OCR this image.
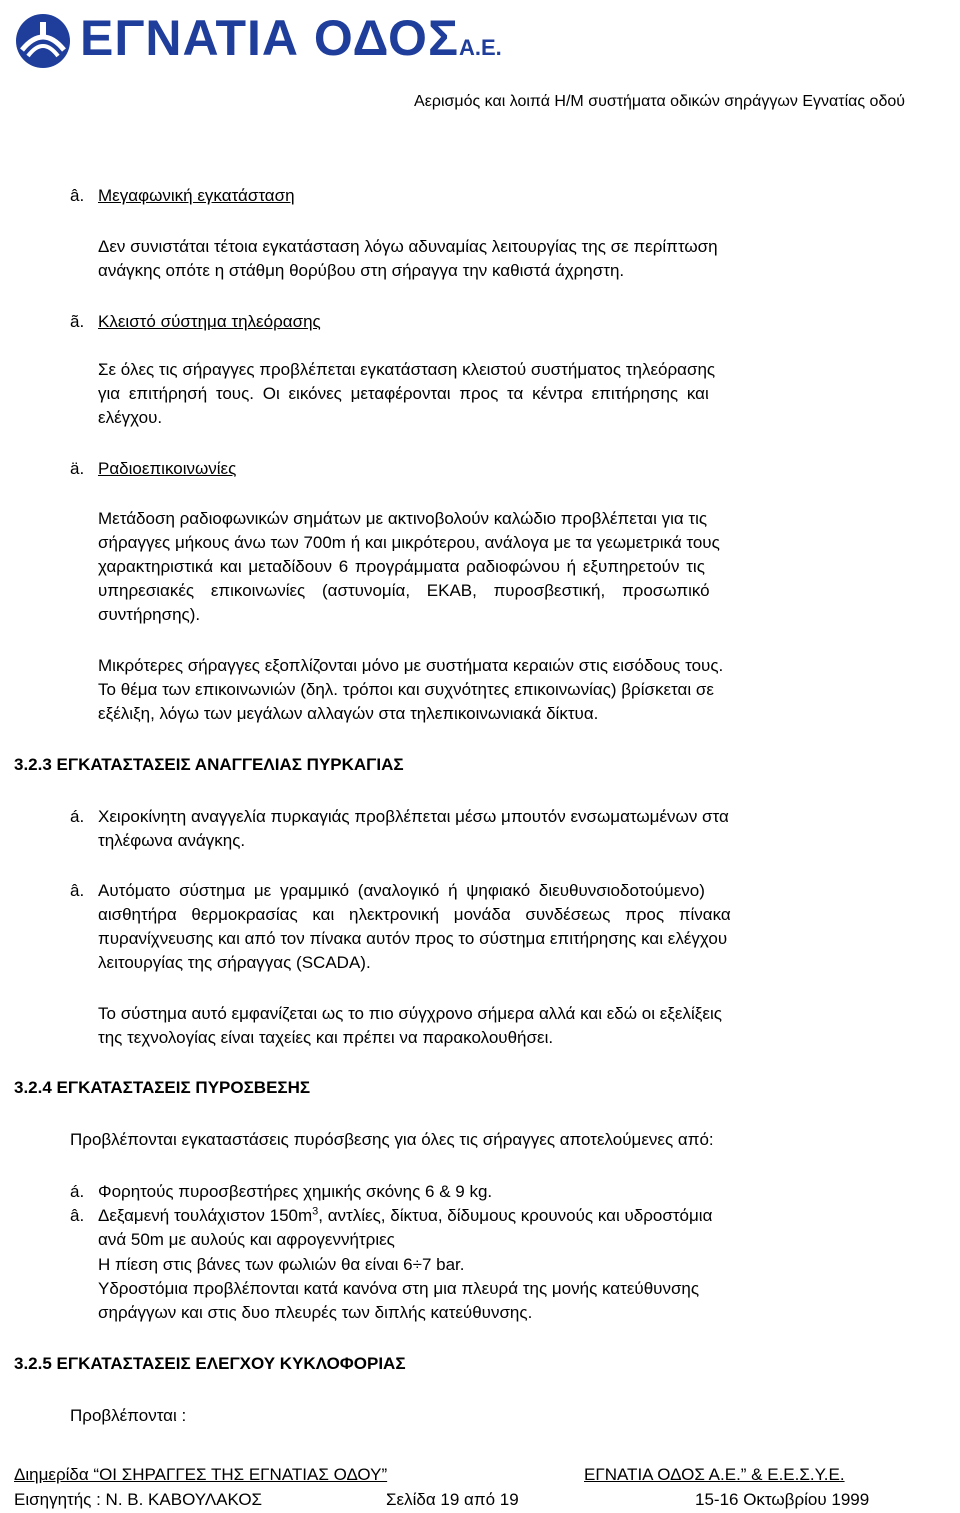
ΕΓΝΑΤΙΑ ΟΔΟΣΑ.Ε.
Αερισμός και λοιπά Η/Μ συστήματα οδικών σηράγγων Εγνατίας οδού
â. Μεγαφωνική εγκατάσταση
Δεν συνιστάται τέτοια εγκατάσταση λόγω αδυναμίας λειτουργίας της σε περίπτωση
ανάγκης οπότε η στάθμη θορύβου στη σήραγγα την καθιστά άχρηστη.
ã. Κλειστό σύστημα τηλεόρασης
Σε όλες τις σήραγγες προβλέπεται εγκατάσταση κλειστού συστήματος τηλεόρασης
για επιτήρησή τους. Οι εικόνες μεταφέρονται προς τα κέντρα επιτήρησης και
ελέγχου.
ä. Ραδιοεπικοινωνίες
Μετάδοση ραδιοφωνικών σημάτων με ακτινοβολούν καλώδιο προβλέπεται για τις
σήραγγες μήκους άνω των 700m ή και μικρότερου, ανάλογα με τα γεωμετρικά τους
χαρακτηριστικά και μεταδίδουν 6 προγράμματα ραδιοφώνου ή εξυπηρετούν τις
υπηρεσιακές επικοινωνίες (αστυνομία, ΕΚΑΒ, πυροσβεστική, προσωπικό
συντήρησης).
Μικρότερες σήραγγες εξοπλίζονται μόνο με συστήματα κεραιών στις εισόδους τους.
Το θέμα των επικοινωνιών (δηλ. τρόποι και συχνότητες επικοινωνίας) βρίσκεται σε
εξέλιξη, λόγω των μεγάλων αλλαγών στα τηλεπικοινωνιακά δίκτυα.
3.2.3 ΕΓΚΑΤΑΣΤΑΣΕΙΣ ΑΝΑΓΓΕΛΙΑΣ ΠΥΡΚΑΓΙΑΣ
á. Χειροκίνητη αναγγελία πυρκαγιάς προβλέπεται μέσω μπουτόν ενσωματωμένων στα
τηλέφωνα ανάγκης.
â. Αυτόματο σύστημα με γραμμικό (αναλογικό ή ψηφιακό διευθυνσιοδοτούμενο)
αισθητήρα θερμοκρασίας και ηλεκτρονική μονάδα συνδέσεως προς πίνακα
πυρανίχνευσης και από τον πίνακα αυτόν προς το σύστημα επιτήρησης και ελέγχου
λειτουργίας της σήραγγας (SCADA).
Το σύστημα αυτό εμφανίζεται ως το πιο σύγχρονο σήμερα αλλά και εδώ οι εξελίξεις
της τεχνολογίας είναι ταχείες και πρέπει να παρακολουθήσει.
3.2.4 ΕΓΚΑΤΑΣΤΑΣΕΙΣ ΠΥΡΟΣΒΕΣΗΣ
Προβλέπονται εγκαταστάσεις πυρόσβεσης για όλες τις σήραγγες αποτελούμενες από:
á. Φορητούς πυροσβεστήρες χημικής σκόνης 6 & 9 kg.
â. Δεξαμενή τουλάχιστον $150m^3$, αντλίες, δίκτυα, δίδυμους κρουνούς και υδροστόμια
ανά 50m με αυλούς και αφρογεννήτριες
Η πίεση στις βάνες των φωλιών θα είναι 6÷7 bar.
Υδροστόμια προβλέπονται κατά κανόνα στη μια πλευρά της μονής κατεύθυνσης
σηράγγων και στις δυο πλευρές των διπλής κατεύθυνσης.
3.2.5 ΕΓΚΑΤΑΣΤΑΣΕΙΣ ΕΛΕΓΧΟΥ ΚΥΚΛΟΦΟΡΙΑΣ
Προβλέπονται :
Διημερίδα “ΟΙ ΣΗΡΑΓΓΕΣ ΤΗΣ ΕΓΝΑΤΙΑΣ ΟΔΟΥ”	ΕΓΝΑΤΙΑ ΟΔΟΣ Α.Ε.” & Ε.Ε.Σ.Υ.Ε.
Εισηγητής : Ν. Β. ΚΑΒΟΥΛΑΚΟΣ	Σελίδα 19 από 19	15-16 Οκτωβρίου 1999
